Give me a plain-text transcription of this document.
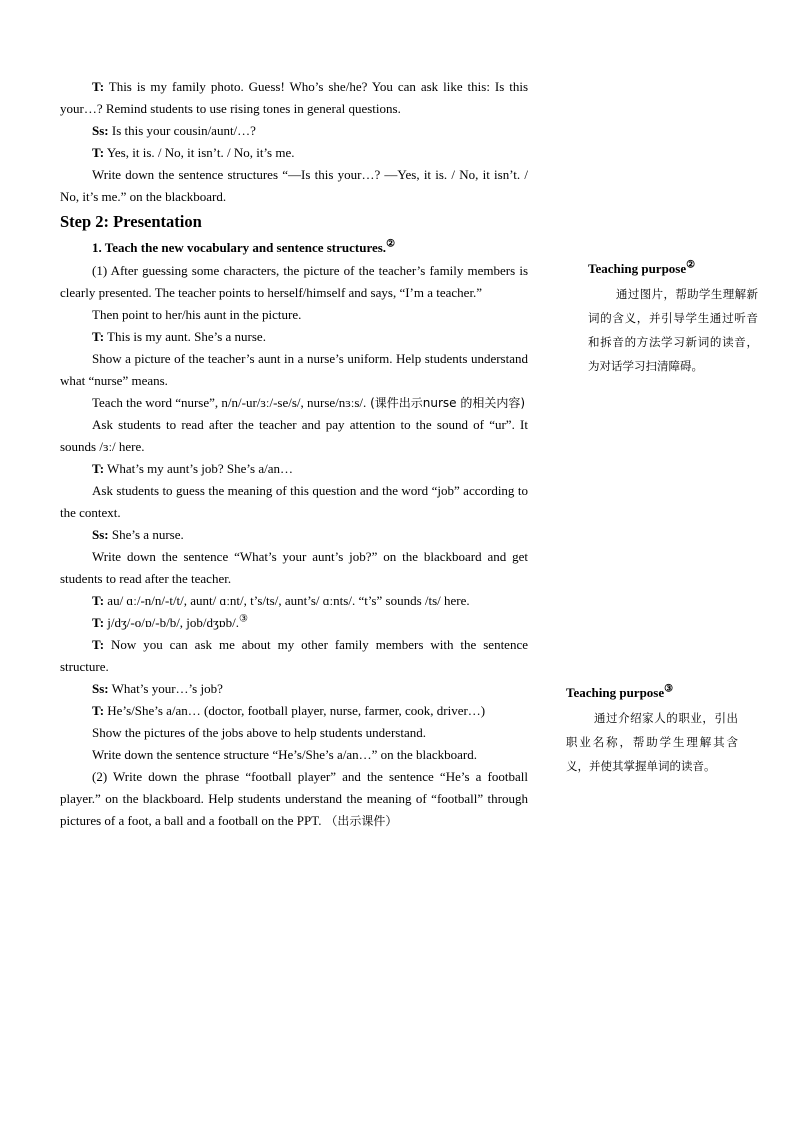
T: This is my family photo. Guess! Who’s she/he? You can ask like this: Is this your…? Remind students to use rising tones in general questions.

Ss: Is this your cousin/aunt/…?

T: Yes, it is. / No, it isn’t. / No, it’s me.

Write down the sentence structures “—Is this your…? —Yes, it is. / No, it isn’t. / No, it’s me.” on the blackboard.

Step 2: Presentation

1. Teach the new vocabulary and sentence structures.②

(1) After guessing some characters, the picture of the teacher’s family members is clearly presented. The teacher points to herself/himself and says, “I’m a teacher.”

Then point to her/his aunt in the picture.

T: This is my aunt. She’s a nurse.

Show a picture of the teacher’s aunt in a nurse’s uniform. Help students understand what “nurse” means.

Teach the word “nurse”, n/n/-ur/ɜː/-se/s/, nurse/nɜːs/. (课件出示nurse 的相关内容)

Ask students to read after the teacher and pay attention to the sound of “ur”. It sounds /ɜː/ here.

T: What’s my aunt’s job? She’s a/an…

Ask students to guess the meaning of this question and the word “job” according to the context.

Ss: She’s a nurse.

Write down the sentence “What’s your aunt’s job?” on the blackboard and get students to read after the teacher.

T: au/ ɑː/-n/n/-t/t/, aunt/ ɑːnt/, t’s/ts/, aunt’s/ ɑːnts/. “t’s” sounds /ts/ here.

T: j/dʒ/-o/ɒ/-b/b/, job/dʒɒb/.③

T: Now you can ask me about my other family members with the sentence structure.

Ss: What’s your…’s job?

T: He’s/She’s a/an… (doctor, football player, nurse, farmer, cook, driver…)

Show the pictures of the jobs above to help students understand.

Write down the sentence structure “He’s/She’s a/an…” on the blackboard.

(2) Write down the phrase “football player” and the sentence “He’s a football player.” on the blackboard. Help students understand the meaning of “football” through pictures of a foot, a ball and a football on the PPT. （出示课件）

Teaching purpose②

通过图片，帮助学生理解新词的含义，并引导学生通过听音和拆音的方法学习新词的读音，为对话学习扫清障碍。

Teaching purpose③

通过介绍家人的职业，引出职业名称，帮助学生理解其含义，并使其掌握单词的读音。
